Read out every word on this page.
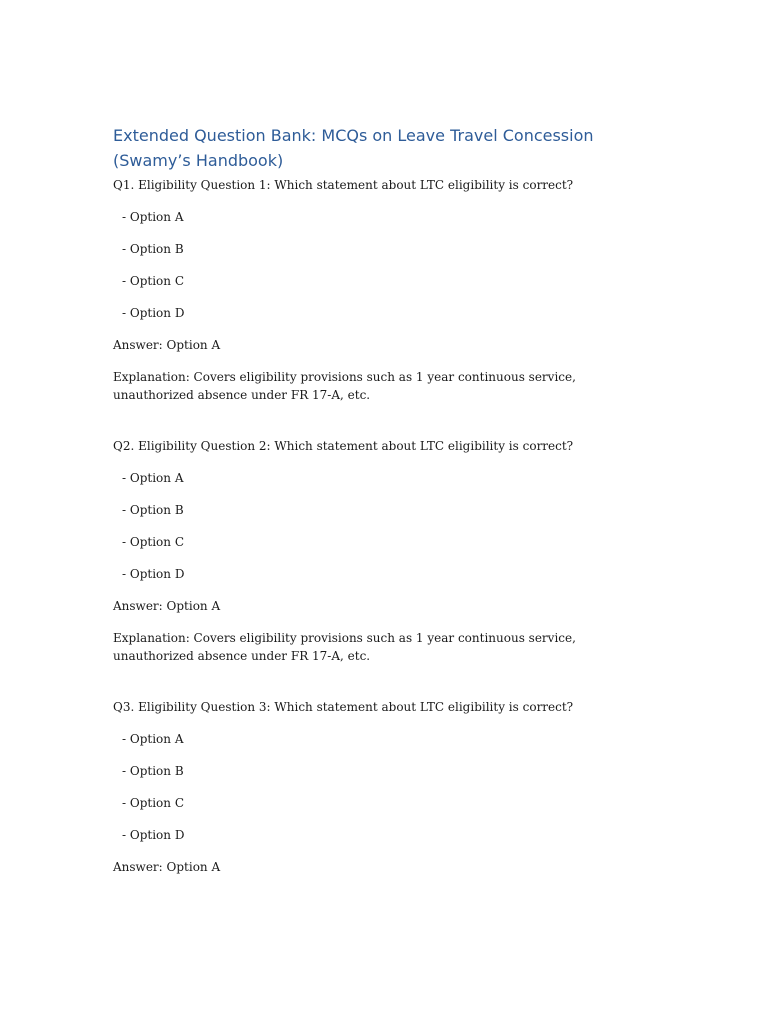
Extended Question Bank: MCQs on Leave Travel Concession (Swamy’s Handbook)

Q1. Eligibility Question 1: Which statement about LTC eligibility is correct?

- Option A

- Option B

- Option C

- Option D

Answer: Option A

Explanation: Covers eligibility provisions such as 1 year continuous service, unauthorized absence under FR 17-A, etc.

Q2. Eligibility Question 2: Which statement about LTC eligibility is correct?

- Option A

- Option B

- Option C

- Option D

Answer: Option A

Explanation: Covers eligibility provisions such as 1 year continuous service, unauthorized absence under FR 17-A, etc.

Q3. Eligibility Question 3: Which statement about LTC eligibility is correct?

- Option A

- Option B

- Option C

- Option D

Answer: Option A
